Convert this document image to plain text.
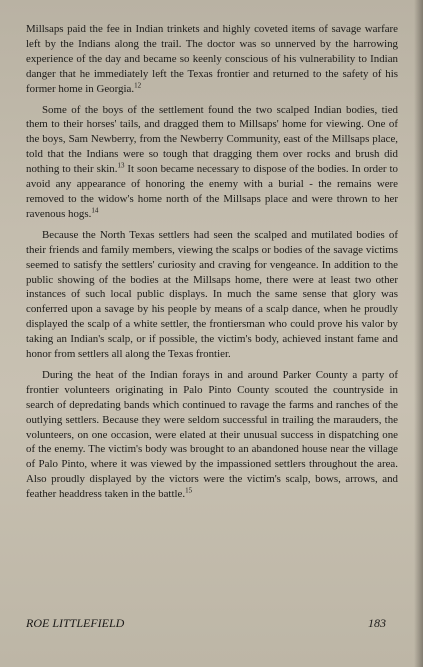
Millsaps paid the fee in Indian trinkets and highly coveted items of savage warfare left by the Indians along the trail. The doctor was so unnerved by the harrowing experience of the day and became so keenly conscious of his vulnerability to Indian danger that he immediately left the Texas frontier and returned to the safety of his former home in Georgia.$^{12}$

Some of the boys of the settlement found the two scalped Indian bodies, tied them to their horses' tails, and dragged them to Millsaps' home for viewing. One of the boys, Sam Newberry, from the Newberry Community, east of the Millsaps place, told that the Indians were so tough that dragging them over rocks and brush did nothing to their skin.$^{13}$ It soon became necessary to dispose of the bodies. In order to avoid any appearance of honoring the enemy with a burial - the remains were removed to the widow's home north of the Millsaps place and were thrown to her ravenous hogs.$^{14}$

Because the North Texas settlers had seen the scalped and mutilated bodies of their friends and family members, viewing the scalps or bodies of the savage victims seemed to satisfy the settlers' curiosity and craving for vengeance. In addition to the public showing of the bodies at the Millsaps home, there were at least two other instances of such local public displays. In much the same sense that glory was conferred upon a savage by his people by means of a scalp dance, when he proudly displayed the scalp of a white settler, the frontiersman who could prove his valor by taking an Indian's scalp, or if possible, the victim's body, achieved instant fame and honor from settlers all along the Texas frontier.

During the heat of the Indian forays in and around Parker County a party of frontier volunteers originating in Palo Pinto County scouted the countryside in search of depredating bands which continued to ravage the farms and ranches of the outlying settlers. Because they were seldom successful in trailing the marauders, the volunteers, on one occasion, were elated at their unusual success in dispatching one of the enemy. The victim's body was brought to an abandoned house near the village of Palo Pinto, where it was viewed by the impassioned settlers throughout the area. Also proudly displayed by the victors were the victim's scalp, bows, arrows, and feather headdress taken in the battle.$^{15}$

ROE LITTLEFIELD	183
